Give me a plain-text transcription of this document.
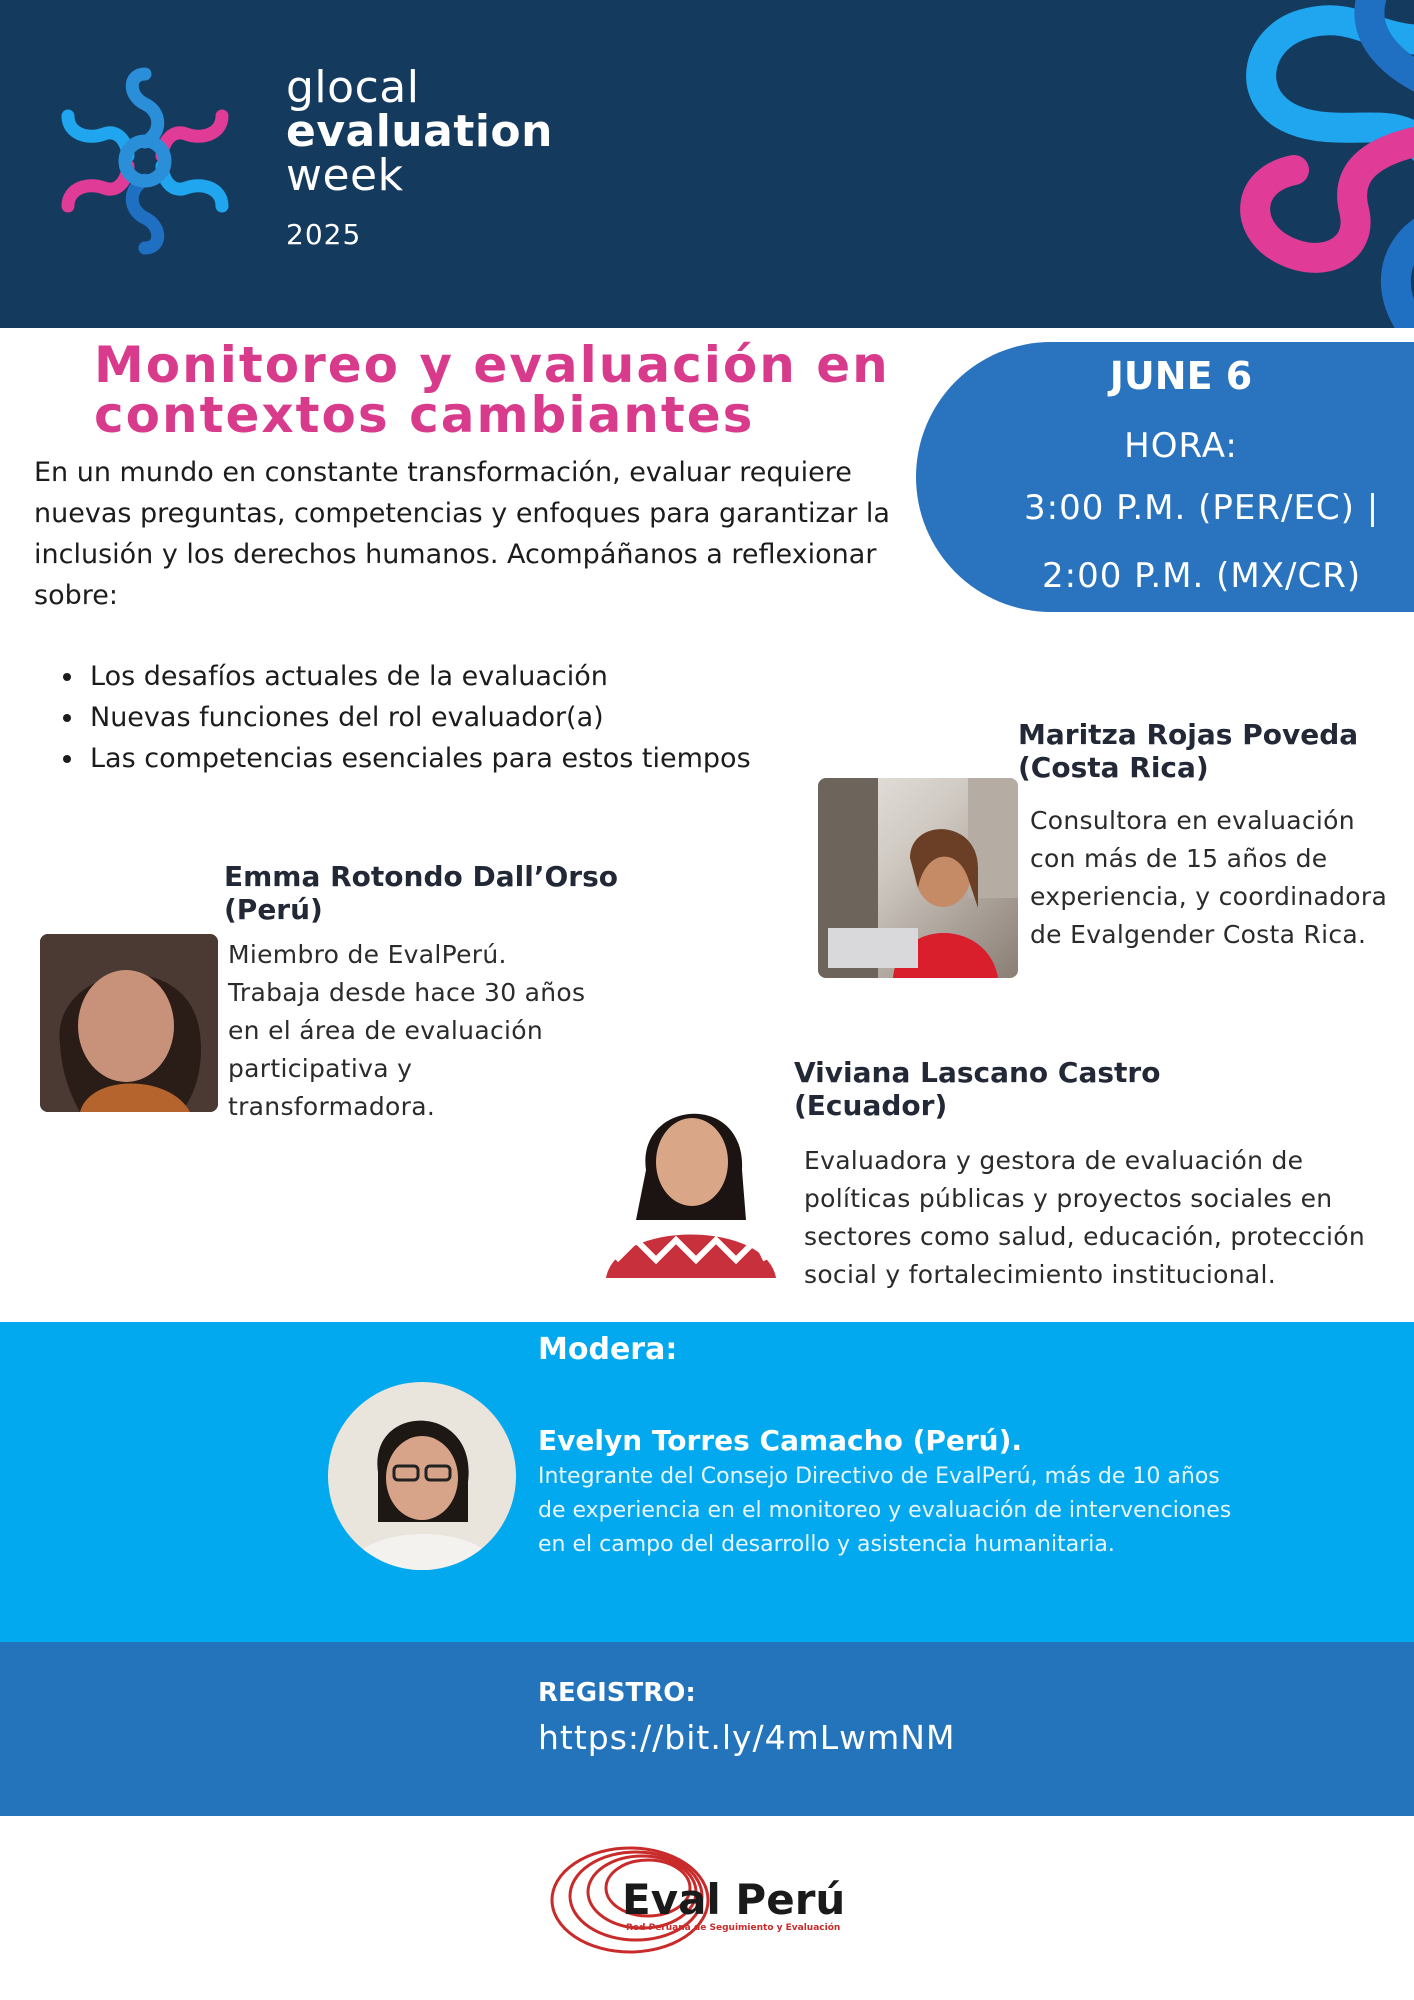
glocal
evaluation
week
2025
Monitoreo y evaluación en contextos cambiantes
JUNE 6
HORA:
3:00 P.M. (PER/EC) |
2:00 P.M. (MX/CR)
En un mundo en constante transformación, evaluar requiere nuevas preguntas, competencias y enfoques para garantizar la inclusión y los derechos humanos. Acompáñanos a reflexionar sobre:
• Los desafíos actuales de la evaluación
• Nuevas funciones del rol evaluador(a)
• Las competencias esenciales para estos tiempos
Maritza Rojas Poveda
(Costa Rica)
Consultora en evaluación con más de 15 años de experiencia, y coordinadora de Evalgender Costa Rica.
Emma Rotondo Dall’Orso
(Perú)
Miembro de EvalPerú. Trabaja desde hace 30 años en el área de evaluación participativa y transformadora.
Viviana Lascano Castro
(Ecuador)
Evaluadora y gestora de evaluación de políticas públicas y proyectos sociales en sectores como salud, educación, protección social y fortalecimiento institucional.
Modera:
Evelyn Torres Camacho (Perú).
Integrante del Consejo Directivo de EvalPerú, más de 10 años de experiencia en el monitoreo y evaluación de intervenciones en el campo del desarrollo y asistencia humanitaria.
REGISTRO:
https://bit.ly/4mLwmNM
Eval Perú
Red Peruana de Seguimiento y Evaluación
